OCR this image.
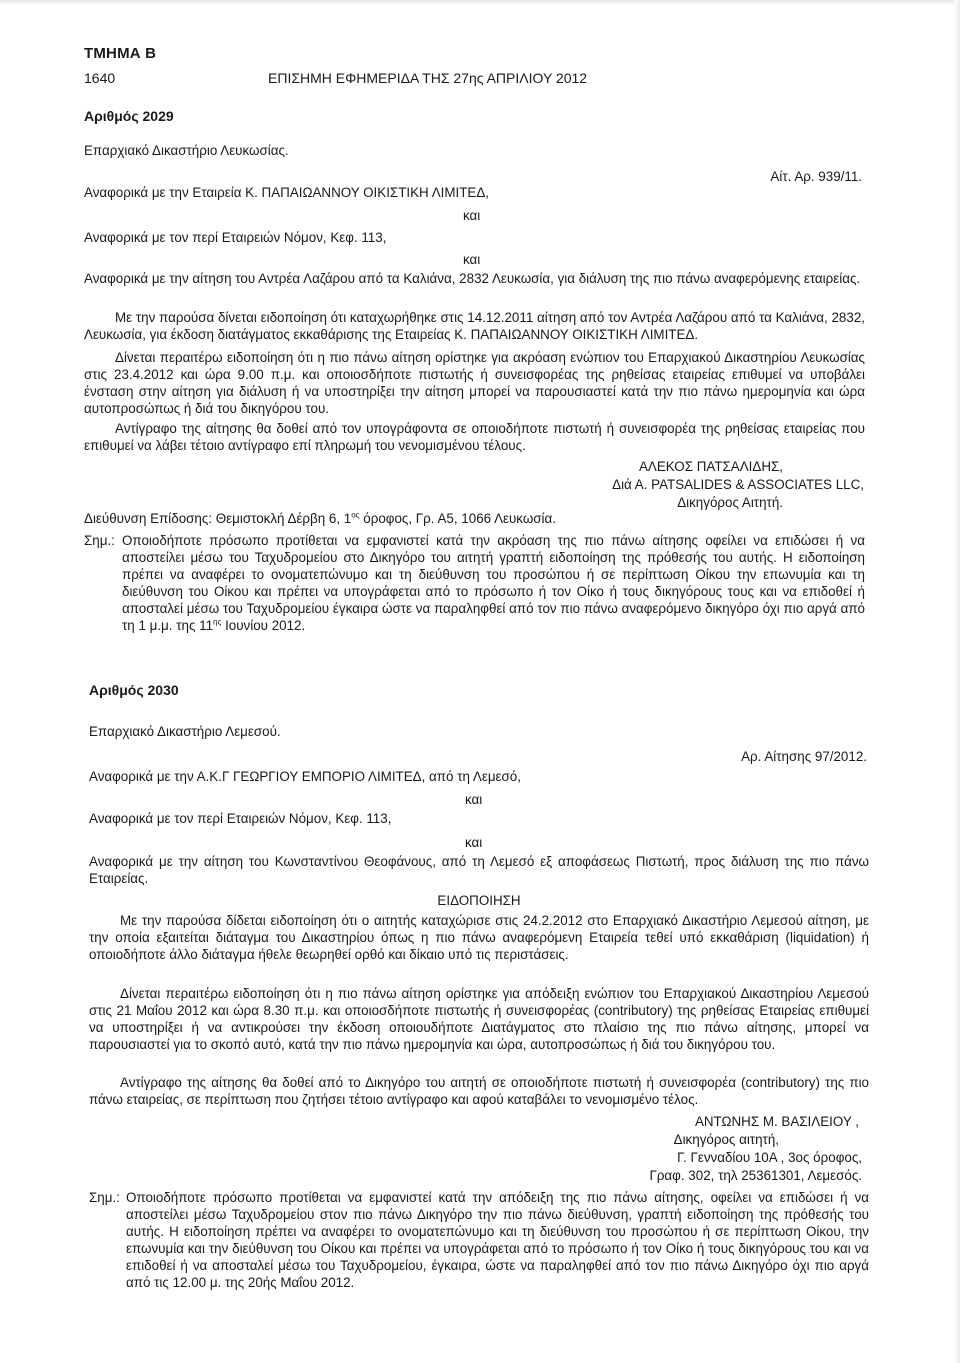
ΤΜΗΜΑ Β
1640	ΕΠΙΣΗΜΗ ΕΦΗΜΕΡΙΔΑ ΤΗΣ 27ης ΑΠΡΙΛΙΟΥ 2012
Αριθμός 2029
Επαρχιακό Δικαστήριο Λευκωσίας.
Αίτ. Αρ. 939/11.
Αναφορικά με την Εταιρεία Κ. ΠΑΠΑΙΩΑΝΝΟΥ ΟΙΚΙΣΤΙΚΗ ΛΙΜΙΤΕΔ,
και
Αναφορικά με τον περί Εταιρειών Νόμον, Κεφ. 113,
και

Αναφορικά με την αίτηση του Αντρέα Λαζάρου από τα Καλιάνα, 2832 Λευκωσία, για διάλυση της πιο πάνω αναφερόμενης εταιρείας.

Με την παρούσα δίνεται ειδοποίηση ότι καταχωρήθηκε στις 14.12.2011 αίτηση από τον Αντρέα Λαζάρου από τα Καλιάνα, 2832, Λευκωσία, για έκδοση διατάγματος εκκαθάρισης της Εταιρείας Κ. ΠΑΠΑΙΩΑΝΝΟΥ ΟΙΚΙΣΤΙΚΗ ΛΙΜΙΤΕΔ.

Δίνεται περαιτέρω ειδοποίηση ότι η πιο πάνω αίτηση ορίστηκε για ακρόαση ενώπιον του Επαρχιακού Δικαστηρίου Λευκωσίας στις 23.4.2012 και ώρα 9.00 π.μ. και οποιοσδήποτε πιστωτής ή συνεισφορέας της ρηθείσας εταιρείας επιθυμεί να υποβάλει ένσταση στην αίτηση για διάλυση ή να υποστηρίξει την αίτηση μπορεί να παρουσιαστεί κατά την πιο πάνω ημερομηνία και ώρα αυτοπροσώπως ή διά του δικηγόρου του.

Αντίγραφο της αίτησης θα δοθεί από τον υπογράφοντα σε οποιοδήποτε πιστωτή ή συνεισφορέα της ρηθείσας εταιρείας που επιθυμεί να λάβει τέτοιο αντίγραφο επί πληρωμή του νενομισμένου τέλους.

ΑΛΕΚΟΣ ΠΑΤΣΑΛΙΔΗΣ,
Διά Α. PATSALIDES & ASSOCIATES LLC,
Δικηγόρος Αιτητή.
Διεύθυνση Επίδοσης: Θεμιστοκλή Δέρβη 6, $1^{o\varsigma}$ όροφος, Γρ. Α5, 1066 Λευκωσία.
Σημ.: Οποιοδήποτε πρόσωπο προτίθεται να εμφανιστεί κατά την ακρόαση της πιο πάνω αίτησης οφείλει να επιδώσει ή να αποστείλει μέσω του Ταχυδρομείου στο Δικηγόρο του αιτητή γραπτή ειδοποίηση της πρόθεσής του αυτής. Η ειδοποίηση πρέπει να αναφέρει το ονοματεπώνυμο και τη διεύθυνση του προσώπου ή σε περίπτωση Οίκου την επωνυμία και τη διεύθυνση του Οίκου και πρέπει να υπογράφεται από το πρόσωπο ή τον Οίκο ή τους δικηγόρους τους και να επιδοθεί ή αποσταλεί μέσω του Ταχυδρομείου έγκαιρα ώστε να παραληφθεί από τον πιο πάνω αναφερόμενο δικηγόρο όχι πιο αργά από τη 1 μ.μ. της $11^{\eta\varsigma}$ Ιουνίου 2012.
Αριθμός 2030
Επαρχιακό Δικαστήριο Λεμεσού.
Αρ. Αίτησης 97/2012.
Αναφορικά με την Α.Κ.Γ ΓΕΩΡΓΙΟΥ ΕΜΠΟΡΙΟ ΛΙΜΙΤΕΔ, από τη Λεμεσό,
και
Αναφορικά με τον περί Εταιρειών Νόμον, Κεφ. 113,
και

Αναφορικά με την αίτηση του Κωνσταντίνου Θεοφάνους, από τη Λεμεσό εξ αποφάσεως Πιστωτή, προς διάλυση της πιο πάνω Εταιρείας.

ΕΙΔΟΠΟΙΗΣΗ

Με την παρούσα δίδεται ειδοποίηση ότι ο αιτητής καταχώρισε στις 24.2.2012 στο Επαρχιακό Δικαστήριο Λεμεσού αίτηση, με την οποία εξαιτείται διάταγμα του Δικαστηρίου όπως η πιο πάνω αναφερόμενη Εταιρεία τεθεί υπό εκκαθάριση (liquidation) ή οποιοδήποτε άλλο διάταγμα ήθελε θεωρηθεί ορθό και δίκαιο υπό τις περιστάσεις.

Δίνεται περαιτέρω ειδοποίηση ότι η πιο πάνω αίτηση ορίστηκε για απόδειξη ενώπιον του Επαρχιακού Δικαστηρίου Λεμεσού στις 21 Μαΐου 2012 και ώρα 8.30 π.μ. και οποιοσδήποτε πιστωτής ή συνεισφορέας (contributory) της ρηθείσας Εταιρείας επιθυμεί να υποστηρίξει ή να αντικρούσει την έκδοση οποιουδήποτε Διατάγματος στο πλαίσιο της πιο πάνω αίτησης, μπορεί να παρουσιαστεί για το σκοπό αυτό, κατά την πιο πάνω ημερομηνία και ώρα, αυτοπροσώπως ή διά του δικηγόρου του.

Αντίγραφο της αίτησης θα δοθεί από το Δικηγόρο του αιτητή σε οποιοδήποτε πιστωτή ή συνεισφορέα (contributory) της πιο πάνω εταιρείας, σε περίπτωση που ζητήσει τέτοιο αντίγραφο και αφού καταβάλει το νενομισμένο τέλος.

ΑΝΤΩΝΗΣ Μ. ΒΑΣΙΛΕΙΟΥ ,
Δικηγόρος αιτητή,
Γ. Γενναδίου 10Α , 3ος όροφος,
Γραφ. 302, τηλ 25361301, Λεμεσός.
Σημ.: Οποιοδήποτε πρόσωπο προτίθεται να εμφανιστεί κατά την απόδειξη της πιο πάνω αίτησης, οφείλει να επιδώσει ή να αποστείλει μέσω Ταχυδρομείου στον πιο πάνω Δικηγόρο την πιο πάνω διεύθυνση, γραπτή ειδοποίηση της πρόθεσής του αυτής. Η ειδοποίηση πρέπει να αναφέρει το ονοματεπώνυμο και τη διεύθυνση του προσώπου ή σε περίπτωση Οίκου, την επωνυμία και την διεύθυνση του Οίκου και πρέπει να υπογράφεται από το πρόσωπο ή τον Οίκο ή τους δικηγόρους του και να επιδοθεί ή να αποσταλεί μέσω του Ταχυδρομείου, έγκαιρα, ώστε να παραληφθεί από τον πιο πάνω Δικηγόρο όχι πιο αργά από τις 12.00 μ. της 20ής Μαΐου 2012.
